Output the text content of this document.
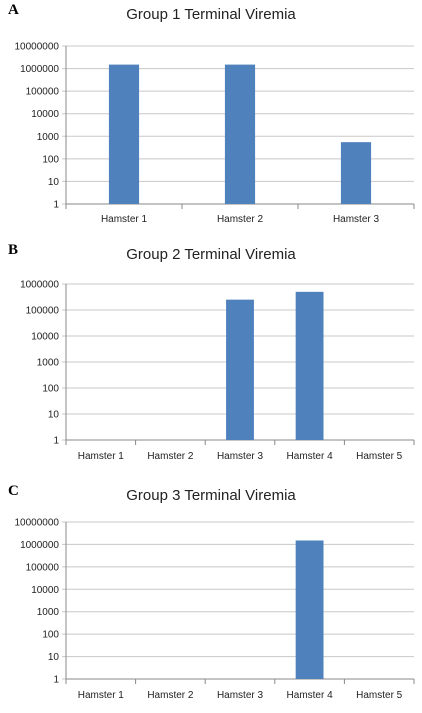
A	Group 1 Terminal Viremia
1
10
100
1000
10000
100000
1000000
10000000
Hamster 1	Hamster 2	Hamster 3
B	Group 2 Terminal Viremia
1
10
100
1000
10000
100000
1000000
Hamster 1 Hamster 2 Hamster 3 Hamster 4 Hamster 5
C	Group 3 Terminal Viremia
1
10
100
1000
10000
100000
1000000
10000000
Hamster 1 Hamster 2 Hamster 3 Hamster 4 Hamster 5
